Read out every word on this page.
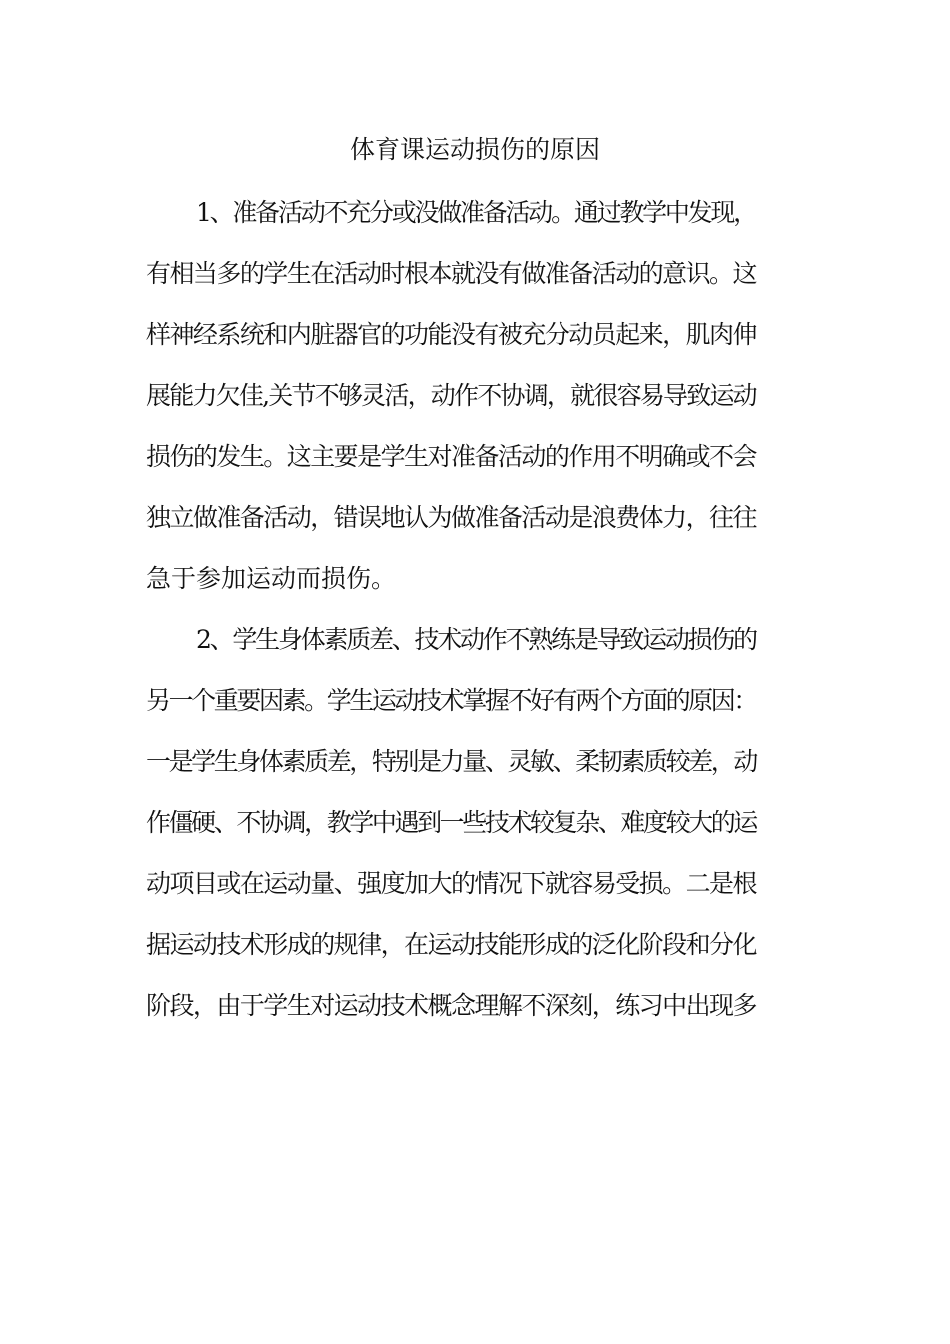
体育课运动损伤的原因
1、准备活动不充分或没做准备活动。通过教学中发现，
有相当多的学生在活动时根本就没有做准备活动的意识。这
样神经系统和内脏器官的功能没有被充分动员起来，肌肉伸
展能力欠佳,关节不够灵活，动作不协调，就很容易导致运动
损伤的发生。这主要是学生对准备活动的作用不明确或不会
独立做准备活动，错误地认为做准备活动是浪费体力，往往
急于参加运动而损伤。
2、学生身体素质差、技术动作不熟练是导致运动损伤的
另一个重要因素。学生运动技术掌握不好有两个方面的原因：
一是学生身体素质差，特别是力量、灵敏、柔韧素质较差，动
作僵硬、不协调，教学中遇到一些技术较复杂、难度较大的运
动项目或在运动量、强度加大的情况下就容易受损。二是根
据运动技术形成的规律，在运动技能形成的泛化阶段和分化
阶段，由于学生对运动技术概念理解不深刻，练习中出现多
